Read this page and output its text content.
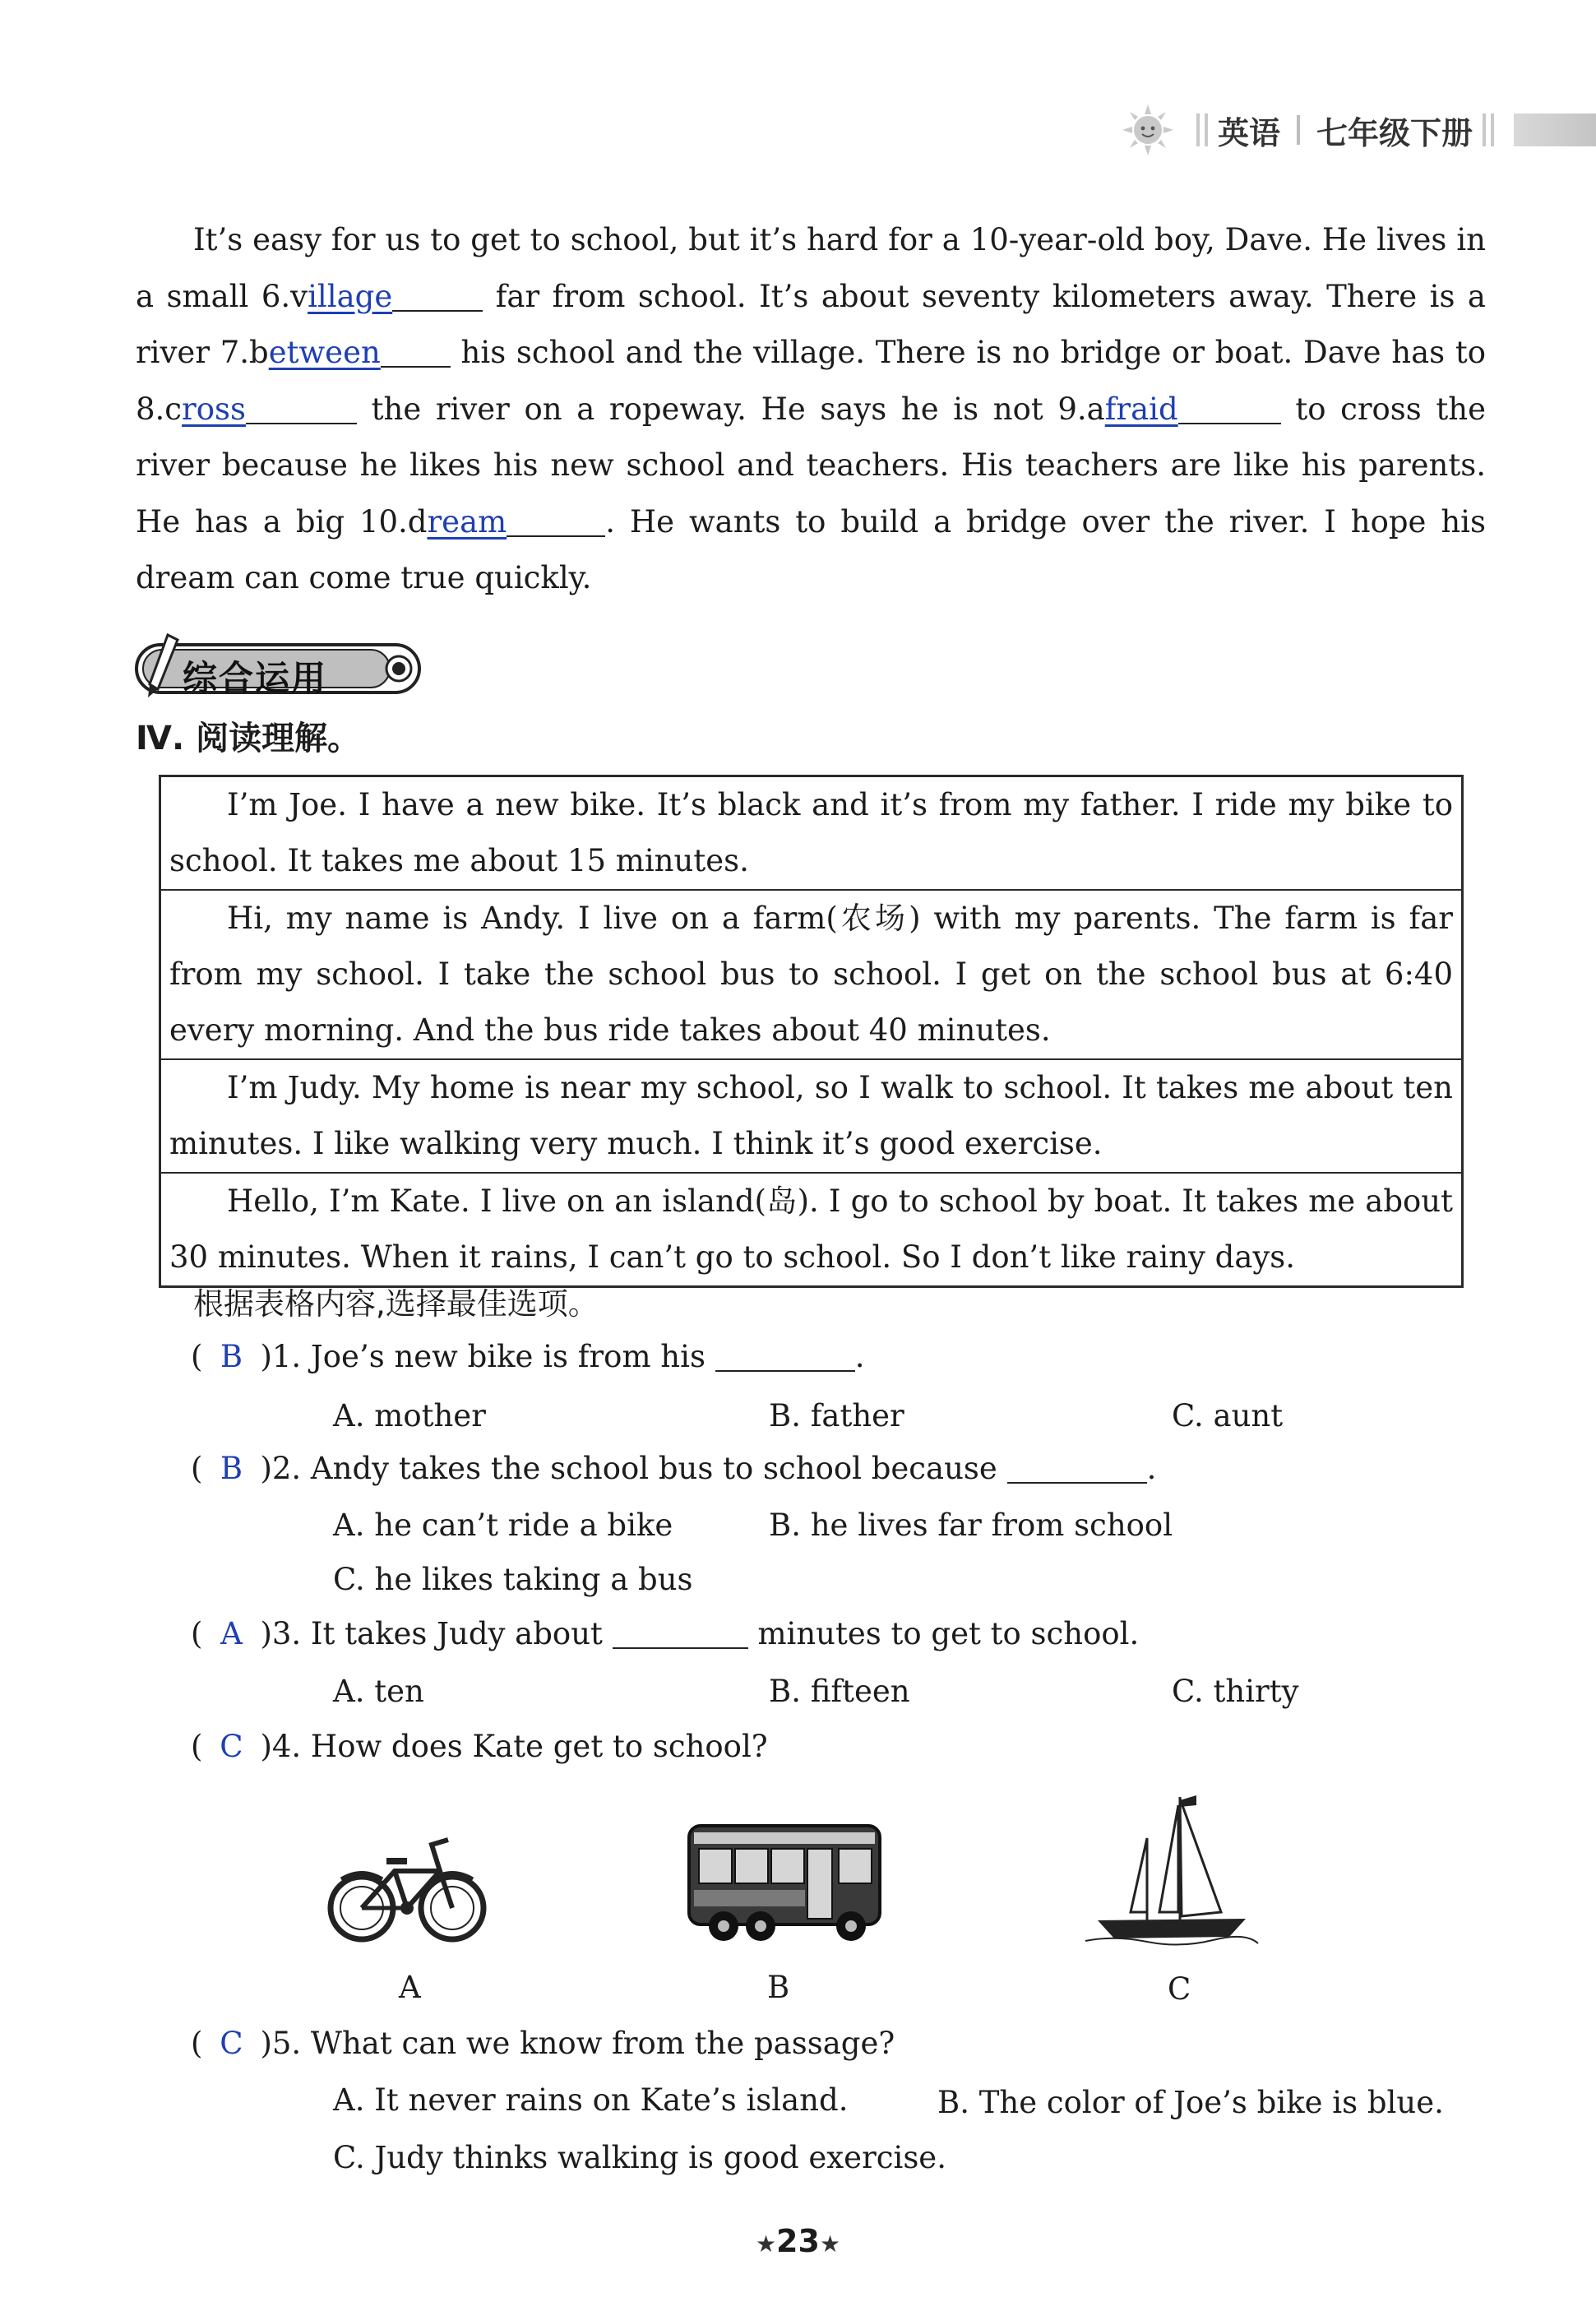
英语 七年级下册

It’s easy for us to get to school, but it’s hard for a 10-year-old boy, Dave. He lives in a small 6.village	far from school. It’s about seventy kilometers away. There is a river 7.between	his school and the village. There is no bridge or boat. Dave has to 8.cross	the river on a ropeway. He says he is not 9.afraid	to cross the river because he likes his new school and teachers. His teachers are like his parents. He has a big 10.dream	. He wants to build a bridge over the river. I hope his dream can come true quickly.

综合运用
Ⅳ. 阅读理解。
I’m Joe. I have a new bike. It’s black and it’s from my father. I ride my bike to school. It takes me about 15 minutes.
Hi, my name is Andy. I live on a farm(农场) with my parents. The farm is far from my school. I take the school bus to school. I get on the school bus at 6:40 every morning. And the bus ride takes about 40 minutes.
I’m Judy. My home is near my school, so I walk to school. It takes me about ten minutes. I like walking very much. I think it’s good exercise.
Hello, I’m Kate. I live on an island(岛). I go to school by boat. It takes me about 30 minutes. When it rains, I can’t go to school. So I don’t like rainy days.
根据表格内容,选择最佳选项。
( B )1. Joe’s new bike is from his	.
A. mother	B. father	C. aunt
( B )2. Andy takes the school bus to school because	.
A. he can’t ride a bike	B. he lives far from school
C. he likes taking a bus
( A )3. It takes Judy about	minutes to get to school.
A. ten	B. fifteen	C. thirty
( C )4. How does Kate get to school?
A	B	C
( C )5. What can we know from the passage?
A. It never rains on Kate’s island.	B. The color of Joe’s bike is blue.
C. Judy thinks walking is good exercise.
★23★
